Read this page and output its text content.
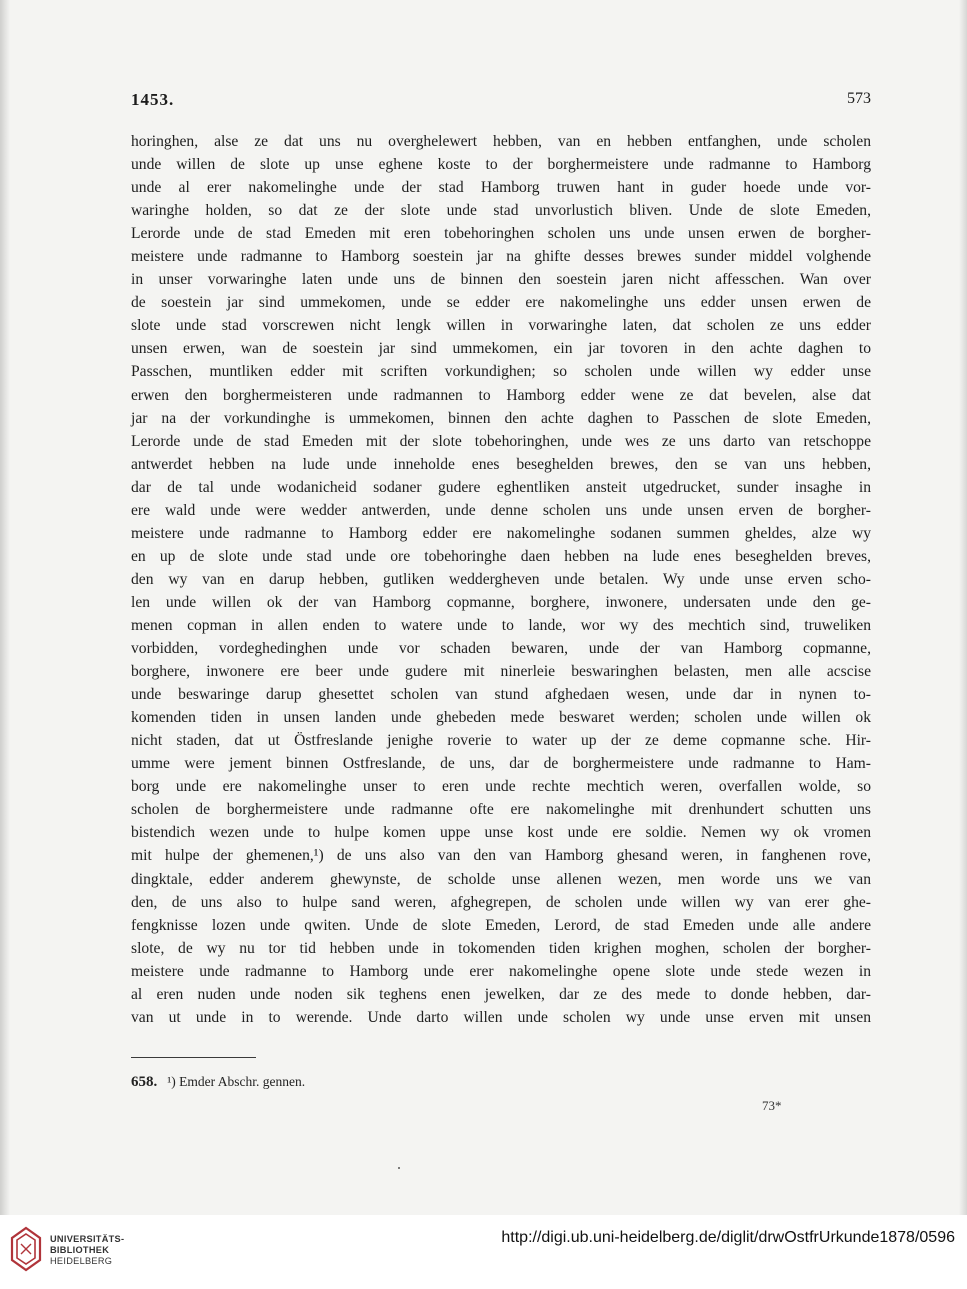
1453.	573
horinghen, alse ze dat uns nu overghelewert hebben, van en hebben entfanghen, unde scholen
unde willen de slote up unse eghene koste to der borghermeistere unde radmanne to Hamborg
unde al erer nakomelinghe unde der stad Hamborg truwen hant in guder hoede unde vor-
waringhe holden, so dat ze der slote unde stad unvorlustich bliven. Unde de slote Emeden,
Lerorde unde de stad Emeden mit eren tobehoringhen scholen uns unde unsen erwen de borgher-
meistere unde radmanne to Hamborg soestein jar na ghifte desses brewes sunder middel volghende
in unser vorwaringhe laten unde uns de binnen den soestein jaren nicht affesschen. Wan over
de soestein jar sind ummekomen, unde se edder ere nakomelinghe uns edder unsen erwen de
slote unde stad vorscrewen nicht lengk willen in vorwaringhe laten, dat scholen ze uns edder
unsen erwen, wan de soestein jar sind ummekomen, ein jar tovoren in den achte daghen to
Passchen, muntliken edder mit scriften vorkundighen; so scholen unde willen wy edder unse
erwen den borghermeisteren unde radmannen to Hamborg edder wene ze dat bevelen, alse dat
jar na der vorkundinghe is ummekomen, binnen den achte daghen to Passchen de slote Emeden,
Lerorde unde de stad Emeden mit der slote tobehoringhen, unde wes ze uns darto van retschoppe
antwerdet hebben na lude unde inneholde enes beseghelden brewes, den se van uns hebben,
dar de tal unde wodanicheid sodaner gudere eghentliken ansteit utgedrucket, sunder insaghe in
ere wald unde were wedder antwerden, unde denne scholen uns unde unsen erven de borgher-
meistere unde radmanne to Hamborg edder ere nakomelinghe sodanen summen gheldes, alze wy
en up de slote unde stad unde ore tobehoringhe daen hebben na lude enes beseghelden breves,
den wy van en darup hebben, gutliken weddergheven unde betalen. Wy unde unse erven scho-
len unde willen ok der van Hamborg copmanne, borghere, inwonere, undersaten unde den ge-
menen copman in allen enden to watere unde to lande, wor wy des mechtich sind, truweliken
vorbidden, vordeghedinghen unde vor schaden bewaren, unde der van Hamborg copmanne,
borghere, inwonere ere beer unde gudere mit ninerleie beswaringhen belasten, men alle acscise
unde beswaringe darup ghesettet scholen van stund afghedaen wesen, unde dar in nynen to-
komenden tiden in unsen landen unde ghebeden mede beswaret werden; scholen unde willen ok
nicht staden, dat ut Östfreslande jenighe roverie to water up der ze deme copmanne sche. Hir-
umme were jement binnen Ostfreslande, de uns, dar de borghermeistere unde radmanne to Ham-
borg unde ere nakomelinghe unser to eren unde rechte mechtich weren, overfallen wolde, so
scholen de borghermeistere unde radmanne ofte ere nakomelinghe mit drenhundert schutten uns
bistendich wezen unde to hulpe komen uppe unse kost unde ere soldie. Nemen wy ok vromen
mit hulpe der ghemenen,¹) de uns also van den van Hamborg ghesand weren, in fanghenen rove,
dingktale, edder anderem ghewynste, de scholde unse allenen wezen, men worde uns we van
den, de uns also to hulpe sand weren, afghegrepen, de scholen unde willen wy van erer ghe-
fengknisse lozen unde qwiten. Unde de slote Emeden, Lerord, de stad Emeden unde alle andere
slote, de wy nu tor tid hebben unde in tokomenden tiden krighen moghen, scholen der borgher-
meistere unde radmanne to Hamborg unde erer nakomelinghe opene slote unde stede wezen in
al eren nuden unde noden sik teghens enen jewelken, dar ze des mede to donde hebben, dar-
van ut unde in to werende. Unde darto willen unde scholen wy unde unse erven mit unsen
658. ¹) Emder Abschr. gennen.
73*
UNIVERSITÄTS-
BIBLIOTHEK
HEIDELBERG
http://digi.ub.uni-heidelberg.de/diglit/drwOstfrUrkunde1878/0596
